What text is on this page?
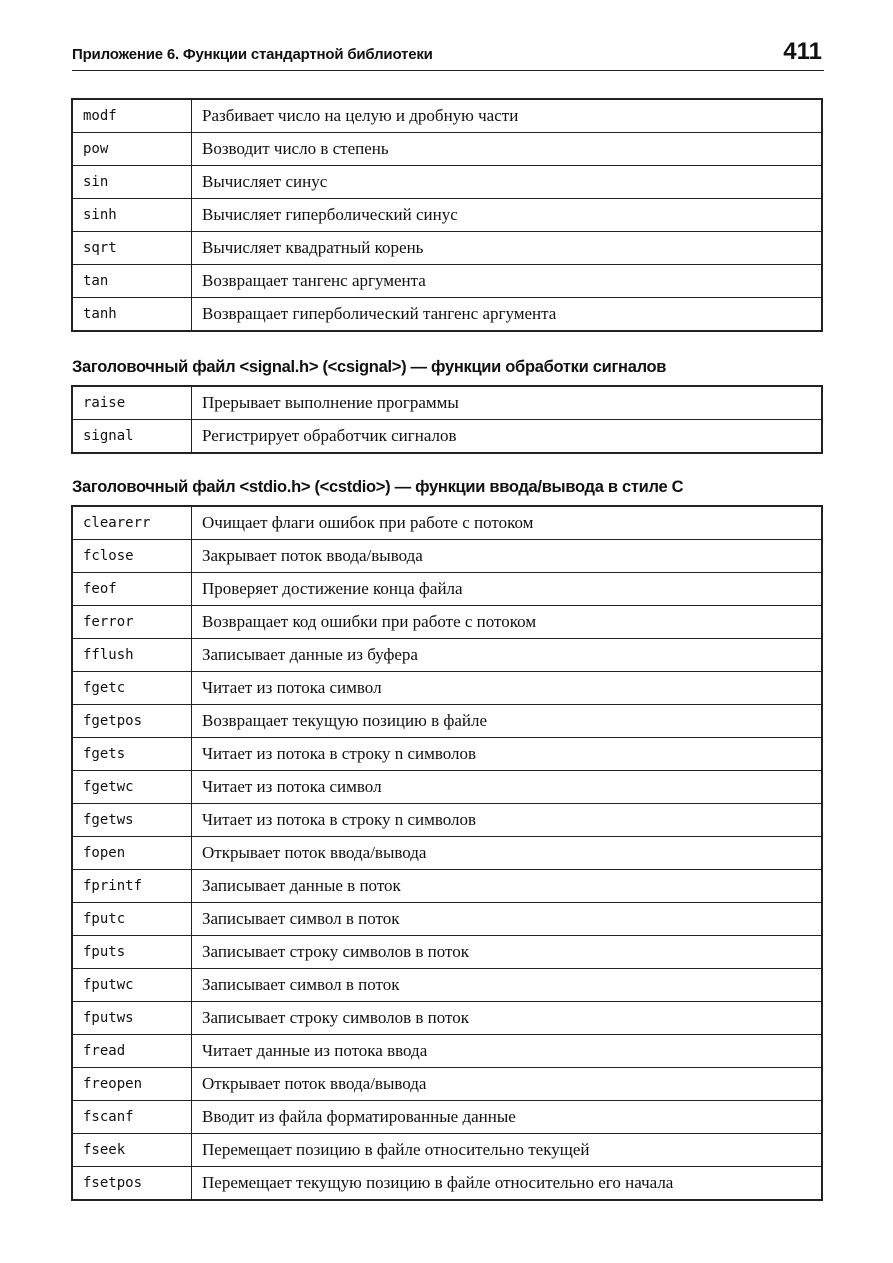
Приложение 6. Функции стандартной библиотеки	411
modf	Разбивает число на целую и дробную части
pow	Возводит число в степень
sin	Вычисляет синус
sinh	Вычисляет гиперболический синус
sqrt	Вычисляет квадратный корень
tan	Возвращает тангенс аргумента
tanh	Возвращает гиперболический тангенс аргумента
Заголовочный файл <signal.h> (<csignal>) — функции обработки сигналов
raise	Прерывает выполнение программы
signal	Регистрирует обработчик сигналов
Заголовочный файл <stdio.h> (<cstdio>) — функции ввода/вывода в стиле C
clearerr	Очищает флаги ошибок при работе с потоком
fclose	Закрывает поток ввода/вывода
feof	Проверяет достижение конца файла
ferror	Возвращает код ошибки при работе с потоком
fflush	Записывает данные из буфера
fgetc	Читает из потока символ
fgetpos	Возвращает текущую позицию в файле
fgets	Читает из потока в строку n символов
fgetwc	Читает из потока символ
fgetws	Читает из потока в строку n символов
fopen	Открывает поток ввода/вывода
fprintf	Записывает данные в поток
fputc	Записывает символ в поток
fputs	Записывает строку символов в поток
fputwc	Записывает символ в поток
fputws	Записывает строку символов в поток
fread	Читает данные из потока ввода
freopen	Открывает поток ввода/вывода
fscanf	Вводит из файла форматированные данные
fseek	Перемещает позицию в файле относительно текущей
fsetpos	Перемещает текущую позицию в файле относительно его начала
